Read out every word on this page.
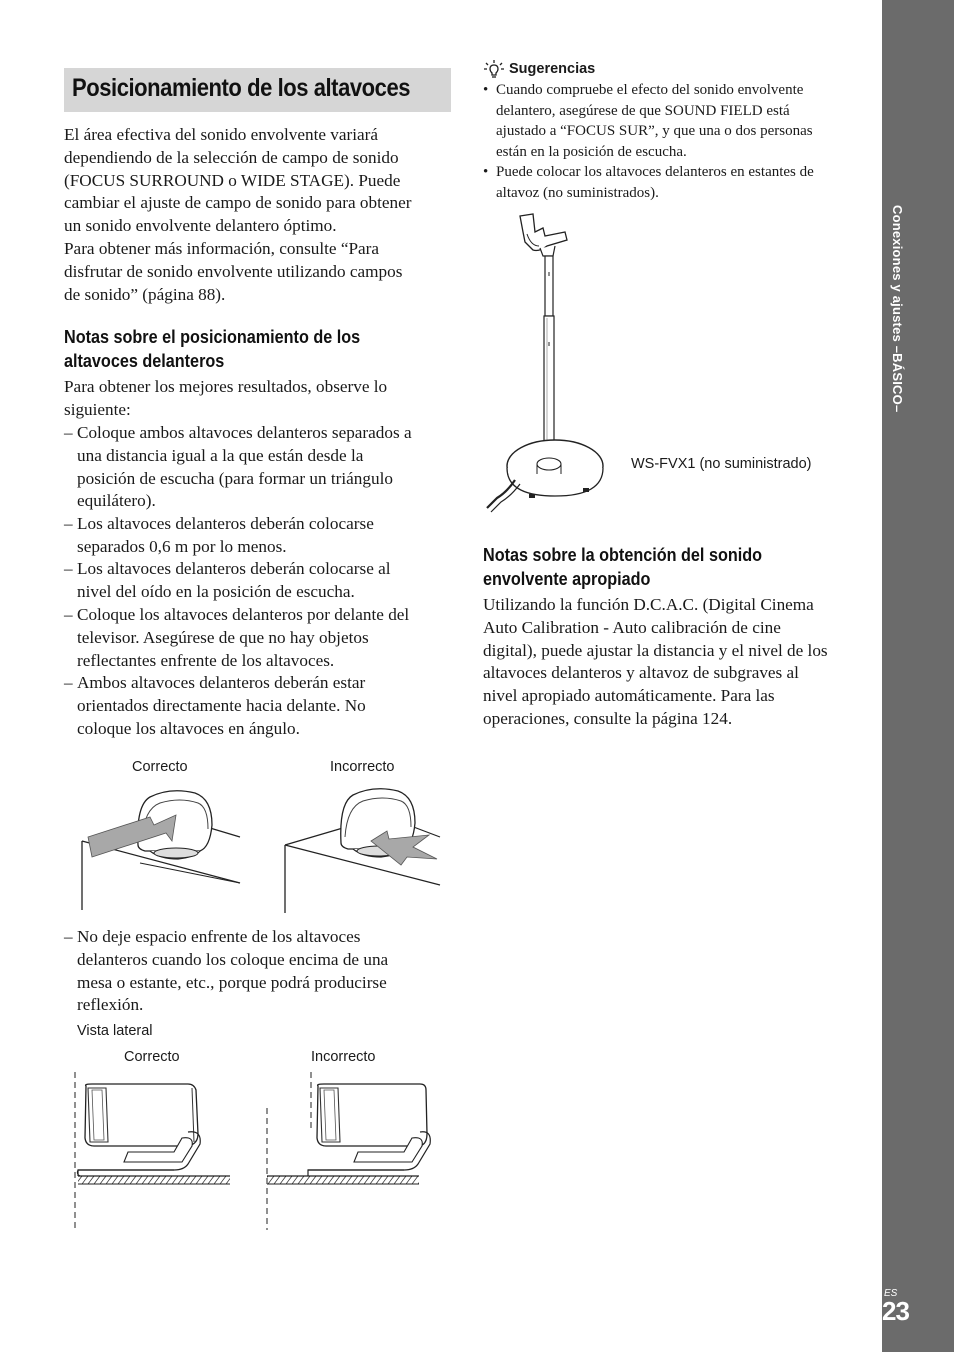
Conexiones y ajustes –BÁSICO–
ES
23
Posicionamiento de los altavoces
El área efectiva del sonido envolvente variará
dependiendo de la selección de campo de sonido
(FOCUS SURROUND o WIDE STAGE). Puede
cambiar el ajuste de campo de sonido para obtener
un sonido envolvente delantero óptimo.
Para obtener más información, consulte “Para
disfrutar de sonido envolvente utilizando campos
de sonido” (página 88).
Notas sobre el posicionamiento de los
altavoces delanteros
Para obtener los mejores resultados, observe lo
siguiente:
– Coloque ambos altavoces delanteros separados a
una distancia igual a la que están desde la
posición de escucha (para formar un triángulo
equilátero).
– Los altavoces delanteros deberán colocarse
separados 0,6 m por lo menos.
– Los altavoces delanteros deberán colocarse al
nivel del oído en la posición de escucha.
– Coloque los altavoces delanteros por delante del
televisor. Asegúrese de que no hay objetos
reflectantes enfrente de los altavoces.
– Ambos altavoces delanteros deberán estar
orientados directamente hacia delante. No
coloque los altavoces en ángulo.
Correcto	Incorrecto
– No deje espacio enfrente de los altavoces
delanteros cuando los coloque encima de una
mesa o estante, etc., porque podrá producirse
reflexión.
Vista lateral
Correcto	Incorrecto
Sugerencias
• Cuando compruebe el efecto del sonido envolvente
delantero, asegúrese de que SOUND FIELD está
ajustado a “FOCUS SUR”, y que una o dos personas
están en la posición de escucha.
• Puede colocar los altavoces delanteros en estantes de
altavoz (no suministrados).
WS-FVX1 (no suministrado)
Notas sobre la obtención del sonido
envolvente apropiado
Utilizando la función D.C.A.C. (Digital Cinema
Auto Calibration - Auto calibración de cine
digital), puede ajustar la distancia y el nivel de los
altavoces delanteros y altavoz de subgraves al
nivel apropiado automáticamente. Para las
operaciones, consulte la página 124.
